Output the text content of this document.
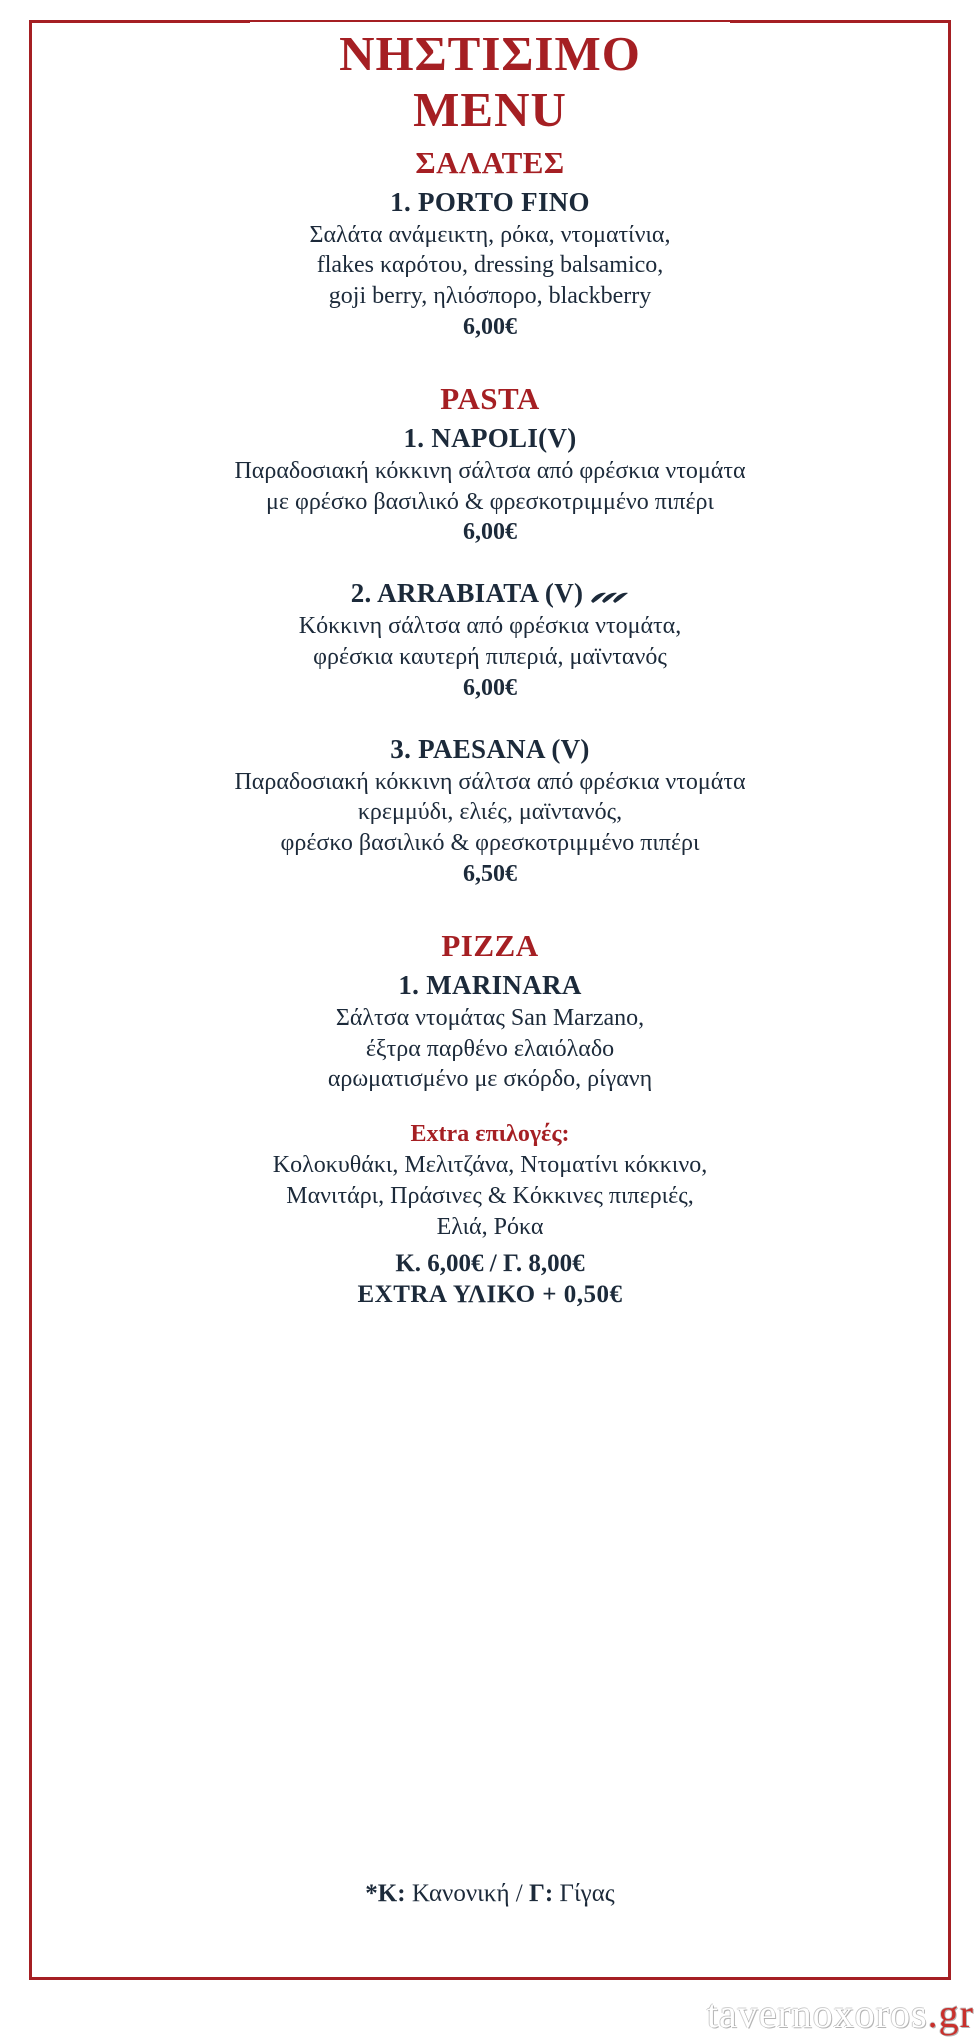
ΝΗΣΤΙΣΙΜΟ
MENU
ΣΑΛΑΤΕΣ
1. PORTO FINO

Σαλάτα ανάμεικτη, ρόκα, ντοματίνια,

flakes καρότου, dressing balsamico,

goji berry, ηλιόσπορο, blackberry

6,00€

PASTA
1. NAPOLI(V)

Παραδοσιακή κόκκινη σάλτσα από φρέσκια ντομάτα

με φρέσκο βασιλικό & φρεσκοτριμμένο πιπέρι

6,00€

2. ARRABIATA (V)

Κόκκινη σάλτσα από φρέσκια ντομάτα,

φρέσκια καυτερή πιπεριά, μαϊντανός

6,00€

3. PAESANA (V)

Παραδοσιακή κόκκινη σάλτσα από φρέσκια ντομάτα

κρεμμύδι, ελιές, μαϊντανός,

φρέσκο βασιλικό & φρεσκοτριμμένο πιπέρι

6,50€

PIZZA
1. MARINARA

Σάλτσα ντομάτας San Marzano,

έξτρα παρθένο ελαιόλαδο

αρωματισμένο με σκόρδο, ρίγανη

Extra επιλογές:

Κολοκυθάκι, Μελιτζάνα, Ντοματίνι κόκκινο,

Μανιτάρι, Πράσινες & Κόκκινες πιπεριές,

Ελιά, Ρόκα

Κ. 6,00€ / Γ. 8,00€

EXTRA ΥΛΙΚΟ + 0,50€

*Κ: Κανονική / Γ: Γίγας
tavernoxoros.gr
